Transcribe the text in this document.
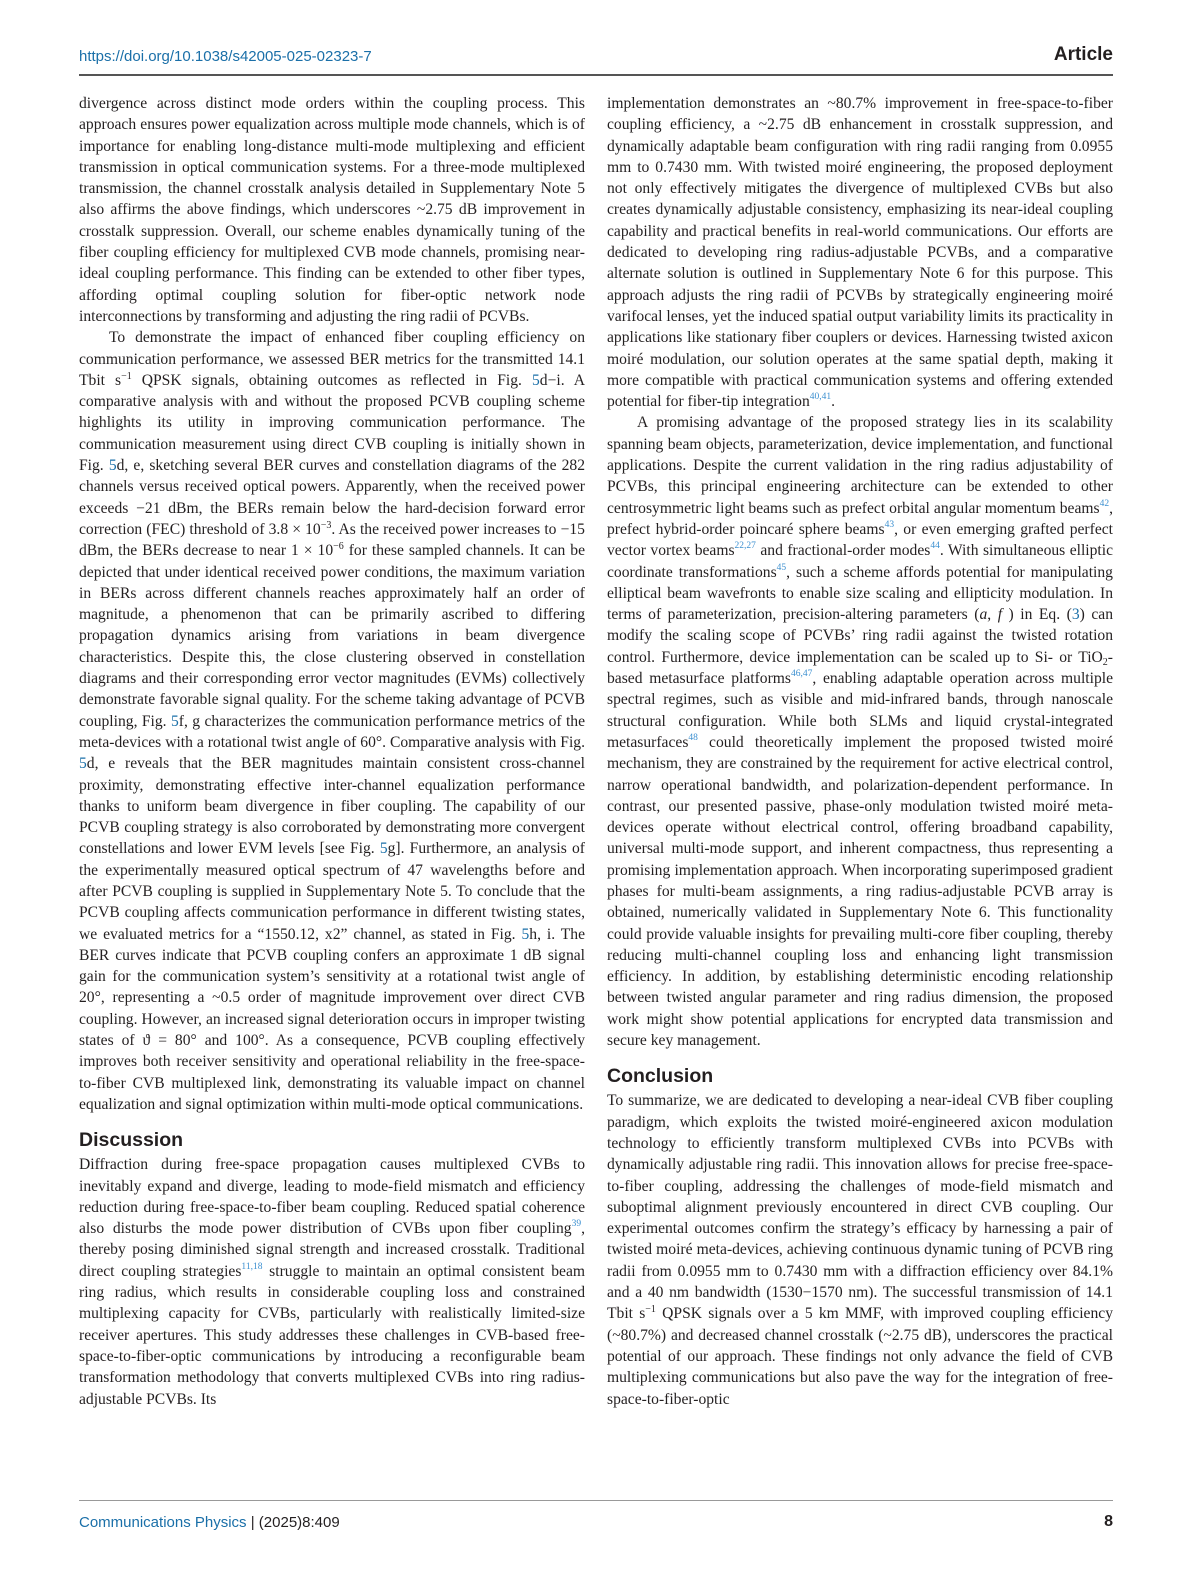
https://doi.org/10.1038/s42005-025-02323-7	Article

divergence across distinct mode orders within the coupling process. This approach ensures power equalization across multiple mode channels, which is of importance for enabling long-distance multi-mode multiplexing and efficient transmission in optical communication systems. For a three-mode multiplexed transmission, the channel crosstalk analysis detailed in Supplementary Note 5 also affirms the above findings, which underscores ~2.75 dB improvement in crosstalk suppression. Overall, our scheme enables dynamically tuning of the fiber coupling efficiency for multiplexed CVB mode channels, promising near-ideal coupling performance. This finding can be extended to other fiber types, affording optimal coupling solution for fiber-optic network node interconnections by transforming and adjusting the ring radii of PCVBs.

To demonstrate the impact of enhanced fiber coupling efficiency on communication performance, we assessed BER metrics for the transmitted 14.1 Tbit $s^{-1}$ QPSK signals, obtaining outcomes as reflected in Fig. 5d−i. A comparative analysis with and without the proposed PCVB coupling scheme highlights its utility in improving communication performance. The communication measurement using direct CVB coupling is initially shown in Fig. 5d, e, sketching several BER curves and constellation diagrams of the 282 channels versus received optical powers. Apparently, when the received power exceeds −21 dBm, the BERs remain below the hard-decision forward error correction (FEC) threshold of $3.8 \times 10^{-3}$. As the received power increases to −15 dBm, the BERs decrease to near $1 \times 10^{-6}$ for these sampled channels. It can be depicted that under identical received power conditions, the maximum variation in BERs across different channels reaches approximately half an order of magnitude, a phenomenon that can be primarily ascribed to differing propagation dynamics arising from variations in beam divergence characteristics. Despite this, the close clustering observed in constellation diagrams and their corresponding error vector magnitudes (EVMs) collectively demonstrate favorable signal quality. For the scheme taking advantage of PCVB coupling, Fig. 5f, g characterizes the communication performance metrics of the meta-devices with a rotational twist angle of 60°. Comparative analysis with Fig. 5d, e reveals that the BER magnitudes maintain consistent cross-channel proximity, demonstrating effective inter-channel equalization performance thanks to uniform beam divergence in fiber coupling. The capability of our PCVB coupling strategy is also corroborated by demonstrating more convergent constellations and lower EVM levels [see Fig. 5g]. Furthermore, an analysis of the experimentally measured optical spectrum of 47 wavelengths before and after PCVB coupling is supplied in Supplementary Note 5. To conclude that the PCVB coupling affects communication performance in different twisting states, we evaluated metrics for a “1550.12, x2” channel, as stated in Fig. 5h, i. The BER curves indicate that PCVB coupling confers an approximate 1 dB signal gain for the communication system’s sensitivity at a rotational twist angle of 20°, representing a ~0.5 order of magnitude improvement over direct CVB coupling. However, an increased signal deterioration occurs in improper twisting states of ϑ = 80° and 100°. As a consequence, PCVB coupling effectively improves both receiver sensitivity and operational reliability in the free-space-to-fiber CVB multiplexed link, demonstrating its valuable impact on channel equalization and signal optimization within multi-mode optical communications.

Discussion

Diffraction during free-space propagation causes multiplexed CVBs to inevitably expand and diverge, leading to mode-field mismatch and efficiency reduction during free-space-to-fiber beam coupling. Reduced spatial coherence also disturbs the mode power distribution of CVBs upon fiber coupling$^{39}$, thereby posing diminished signal strength and increased crosstalk. Traditional direct coupling strategies$^{11,18}$ struggle to maintain an optimal consistent beam ring radius, which results in considerable coupling loss and constrained multiplexing capacity for CVBs, particularly with realistically limited-size receiver apertures. This study addresses these challenges in CVB-based free-space-to-fiber-optic communications by introducing a reconfigurable beam transformation methodology that converts multiplexed CVBs into ring radius-adjustable PCVBs. Its

implementation demonstrates an ~80.7% improvement in free-space-to-fiber coupling efficiency, a ~2.75 dB enhancement in crosstalk suppression, and dynamically adaptable beam configuration with ring radii ranging from 0.0955 mm to 0.7430 mm. With twisted moiré engineering, the proposed deployment not only effectively mitigates the divergence of multiplexed CVBs but also creates dynamically adjustable consistency, emphasizing its near-ideal coupling capability and practical benefits in real-world communications. Our efforts are dedicated to developing ring radius-adjustable PCVBs, and a comparative alternate solution is outlined in Supplementary Note 6 for this purpose. This approach adjusts the ring radii of PCVBs by strategically engineering moiré varifocal lenses, yet the induced spatial output variability limits its practicality in applications like stationary fiber couplers or devices. Harnessing twisted axicon moiré modulation, our solution operates at the same spatial depth, making it more compatible with practical communication systems and offering extended potential for fiber-tip integration$^{40,41}$.

A promising advantage of the proposed strategy lies in its scalability spanning beam objects, parameterization, device implementation, and functional applications. Despite the current validation in the ring radius adjustability of PCVBs, this principal engineering architecture can be extended to other centrosymmetric light beams such as prefect orbital angular momentum beams$^{42}$, prefect hybrid-order poincaré sphere beams$^{43}$, or even emerging grafted perfect vector vortex beams$^{22,27}$ and fractional-order modes$^{44}$. With simultaneous elliptic coordinate transformations$^{45}$, such a scheme affords potential for manipulating elliptical beam wavefronts to enable size scaling and ellipticity modulation. In terms of parameterization, precision-altering parameters (a, f ) in Eq. (3) can modify the scaling scope of PCVBs’ ring radii against the twisted rotation control. Furthermore, device implementation can be scaled up to Si- or TiO2-based metasurface platforms$^{46,47}$, enabling adaptable operation across multiple spectral regimes, such as visible and mid-infrared bands, through nanoscale structural configuration. While both SLMs and liquid crystal-integrated metasurfaces$^{48}$ could theoretically implement the proposed twisted moiré mechanism, they are constrained by the requirement for active electrical control, narrow operational bandwidth, and polarization-dependent performance. In contrast, our presented passive, phase-only modulation twisted moiré meta-devices operate without electrical control, offering broadband capability, universal multi-mode support, and inherent compactness, thus representing a promising implementation approach. When incorporating superimposed gradient phases for multi-beam assignments, a ring radius-adjustable PCVB array is obtained, numerically validated in Supplementary Note 6. This functionality could provide valuable insights for prevailing multi-core fiber coupling, thereby reducing multi-channel coupling loss and enhancing light transmission efficiency. In addition, by establishing deterministic encoding relationship between twisted angular parameter and ring radius dimension, the proposed work might show potential applications for encrypted data transmission and secure key management.

Conclusion

To summarize, we are dedicated to developing a near-ideal CVB fiber coupling paradigm, which exploits the twisted moiré-engineered axicon modulation technology to efficiently transform multiplexed CVBs into PCVBs with dynamically adjustable ring radii. This innovation allows for precise free-space-to-fiber coupling, addressing the challenges of mode-field mismatch and suboptimal alignment previously encountered in direct CVB coupling. Our experimental outcomes confirm the strategy’s efficacy by harnessing a pair of twisted moiré meta-devices, achieving continuous dynamic tuning of PCVB ring radii from 0.0955 mm to 0.7430 mm with a diffraction efficiency over 84.1% and a 40 nm bandwidth (1530−1570 nm). The successful transmission of 14.1 Tbit $s^{-1}$ QPSK signals over a 5 km MMF, with improved coupling efficiency (~80.7%) and decreased channel crosstalk (~2.75 dB), underscores the practical potential of our approach. These findings not only advance the field of CVB multiplexing communications but also pave the way for the integration of free-space-to-fiber-optic

Communications Physics | (2025)8:409	8
